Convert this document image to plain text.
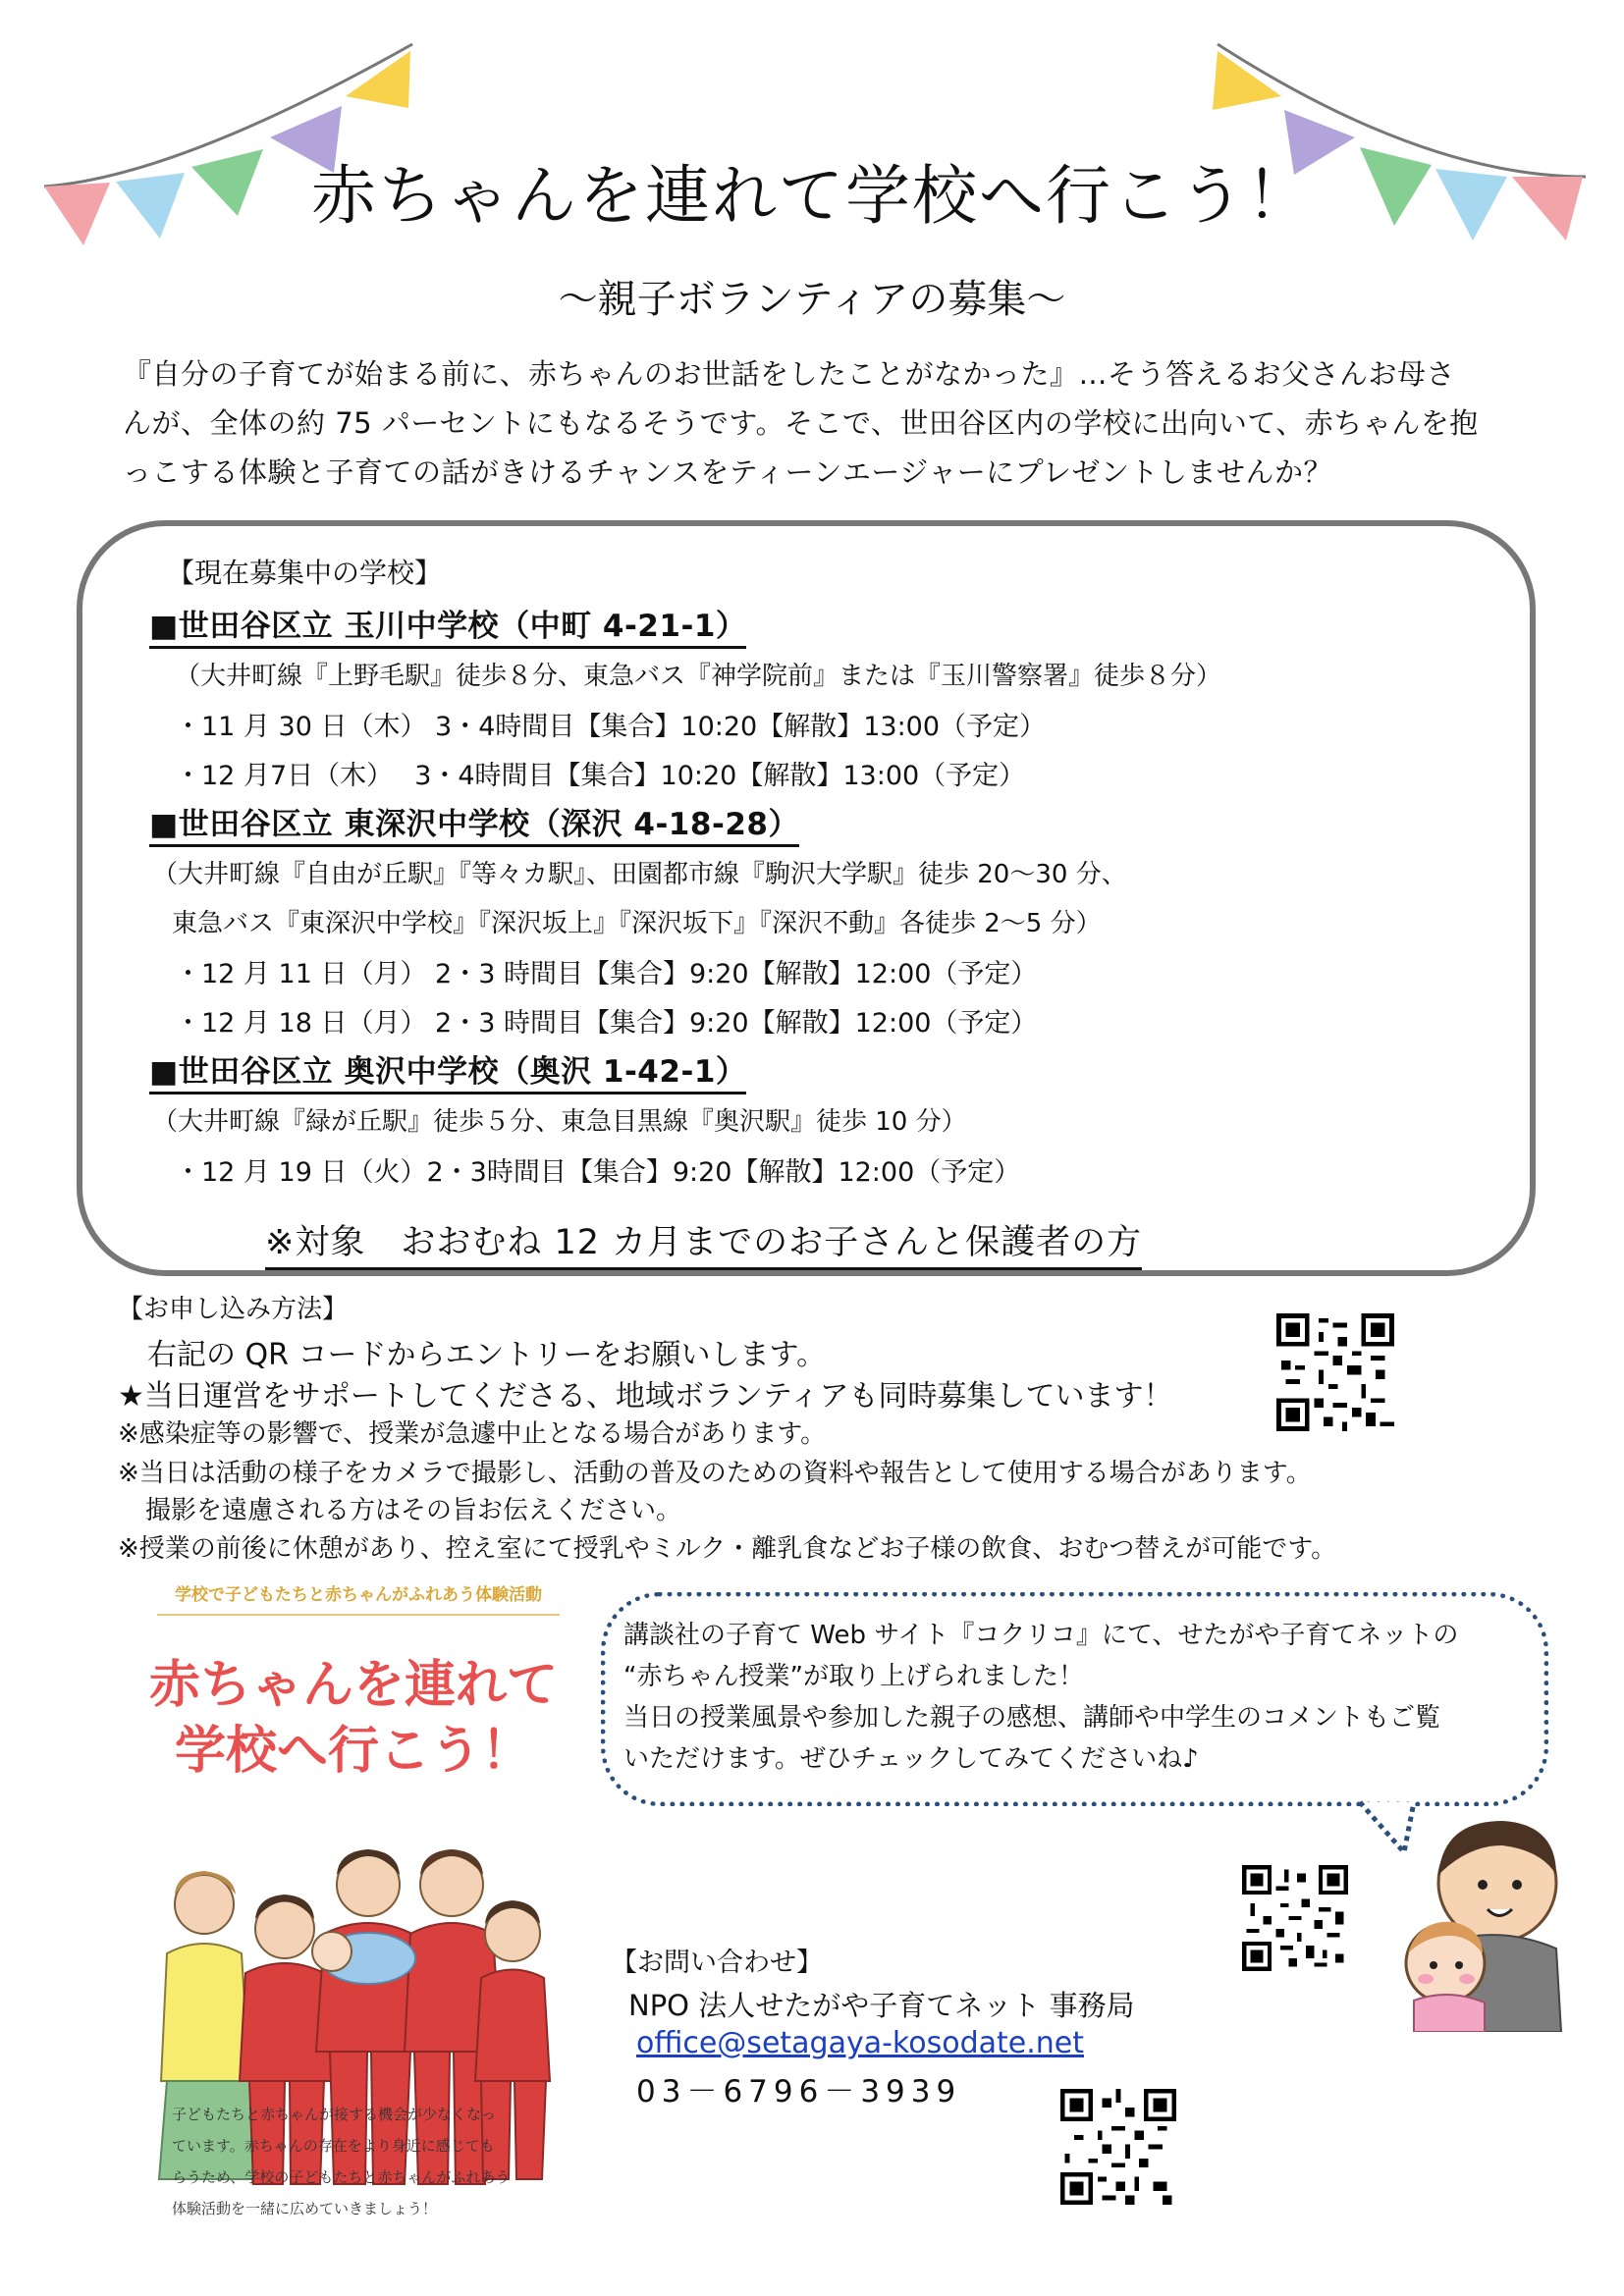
赤ちゃんを連れて学校へ行こう！
～親子ボランティアの募集～
『自分の子育てが始まる前に、赤ちゃんのお世話をしたことがなかった』…そう答えるお父さんお母さ
んが、全体の約 75 パーセントにもなるそうです。そこで、世田谷区内の学校に出向いて、赤ちゃんを抱
っこする体験と子育ての話がきけるチャンスをティーンエージャーにプレゼントしませんか？
【現在募集中の学校】
■世田谷区立 玉川中学校（中町 4-21-1）
（大井町線『上野毛駅』徒歩８分、東急バス『神学院前』または『玉川警察署』徒歩８分）
・11 月 30 日（木） 3・4時間目【集合】10:20【解散】13:00（予定）
・12 月7日（木）　 3・4時間目【集合】10:20【解散】13:00（予定）
■世田谷区立 東深沢中学校（深沢 4-18-28）
（大井町線『自由が丘駅』『等々カ駅』、田園都市線『駒沢大学駅』徒歩 20～30 分、
東急バス『東深沢中学校』『深沢坂上』『深沢坂下』『深沢不動』各徒歩 2～5 分）
・12 月 11 日（月） 2・3 時間目【集合】9:20【解散】12:00（予定）
・12 月 18 日（月） 2・3 時間目【集合】9:20【解散】12:00（予定）
■世田谷区立 奥沢中学校（奥沢 1-42-1）
（大井町線『緑が丘駅』徒歩５分、東急目黒線『奥沢駅』徒歩 10 分）
・12 月 19 日（火）2・3時間目【集合】9:20【解散】12:00（予定）
※対象　おおむね 12 カ月までのお子さんと保護者の方
【お申し込み方法】
右記の QR コードからエントリーをお願いします。
★当日運営をサポートしてくださる、地域ボランティアも同時募集しています！
※感染症等の影響で、授業が急遽中止となる場合があります。
※当日は活動の様子をカメラで撮影し、活動の普及のための資料や報告として使用する場合があります。
撮影を遠慮される方はその旨お伝えください。
※授業の前後に休憩があり、控え室にて授乳やミルク・離乳食などお子様の飲食、おむつ替えが可能です。
学校で子どもたちと赤ちゃんがふれあう体験活動
赤ちゃんを連れて
学校へ行こう！
子どもたちと赤ちゃんが接する機会が少なくなっ
ています。赤ちゃんの存在をより身近に感じても
らうため、学校の子どもたちと赤ちゃんがふれあう
体験活動を一緒に広めていきましょう！
講談社の子育て Web サイト『コクリコ』にて、せたがや子育てネットの
“赤ちゃん授業”が取り上げられました！
当日の授業風景や参加した親子の感想、講師や中学生のコメントもご覧
いただけます。ぜひチェックしてみてくださいね♪
【お問い合わせ】
NPO 法人せたがや子育てネット 事務局
office@setagaya-kosodate.net
03－6796－3939
